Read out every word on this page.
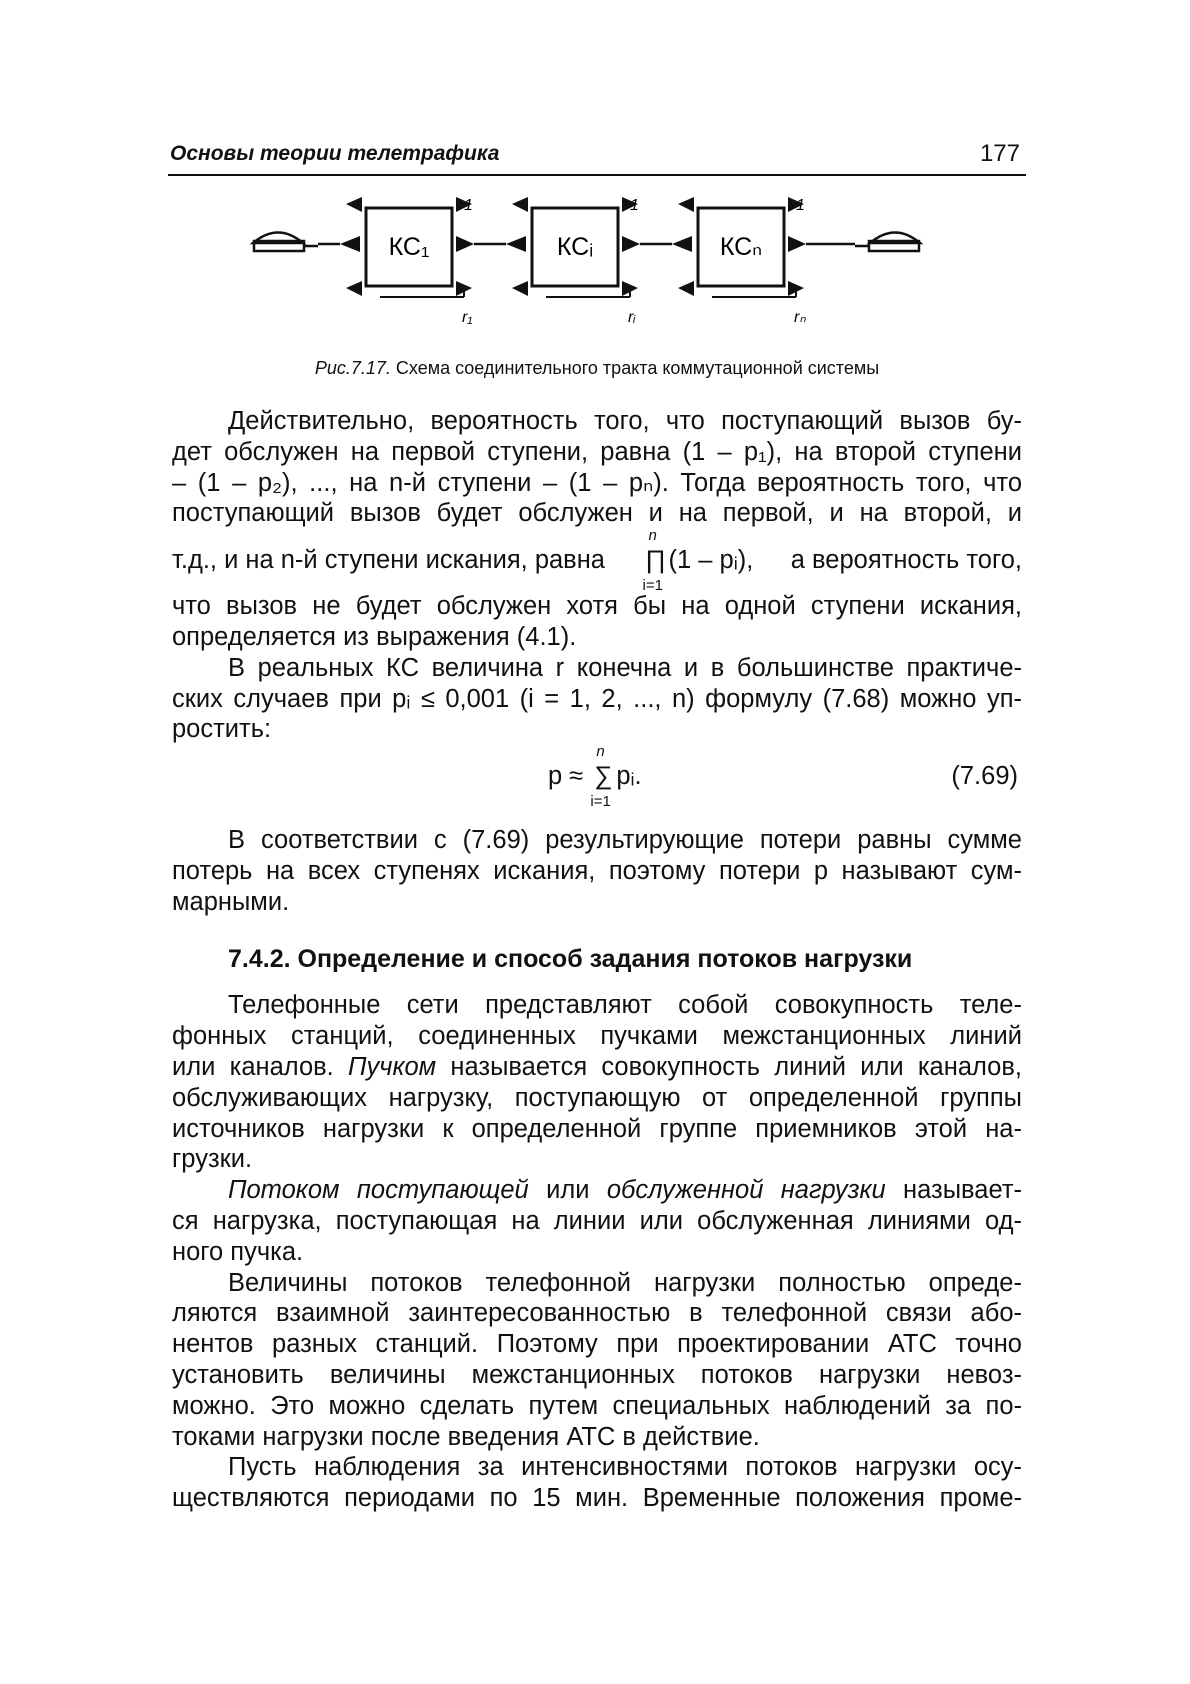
Основы теории телетрафика	177
КС₁	КСᵢ	КСₙ
1	1	1
r₁	rᵢ	rₙ
Рис.7.17. Схема соединительного тракта коммутационной системы

Действительно, вероятность того, что поступающий вызов бу-

дет обслужен на первой ступени, равна (1 – p₁), на второй ступени

– (1 – p₂), ..., на n-й ступени – (1 – pₙ). Тогда вероятность того, что

поступающий вызов будет обслужен и на первой, и на второй, и

т.д., и на n-й ступени искания, равна ∏
n
i=1
(1 – pᵢ), а вероятность того,

что вызов не будет обслужен хотя бы на одной ступени искания,

определяется из выражения (4.1).

В реальных КС величина r конечна и в большинстве практиче-

ских случаев при pᵢ ≤ 0,001 (i = 1, 2, ..., n) формулу (7.68) можно уп-

ростить:

p ≈ ∑
n
i=1
pᵢ.	(7.69)

В соответствии с (7.69) результирующие потери равны сумме

потерь на всех ступенях искания, поэтому потери p называют сум-

марными.

7.4.2. Определение и способ задания потоков нагрузки

Телефонные сети представляют собой совокупность теле-

фонных станций, соединенных пучками межстанционных линий

или каналов. Пучком называется совокупность линий или каналов,

обслуживающих нагрузку, поступающую от определенной группы

источников нагрузки к определенной группе приемников этой на-

грузки.

Потоком поступающей или обслуженной нагрузки называет-

ся нагрузка, поступающая на линии или обслуженная линиями од-

ного пучка.

Величины потоков телефонной нагрузки полностью опреде-

ляются взаимной заинтересованностью в телефонной связи або-

нентов разных станций. Поэтому при проектировании АТС точно

установить величины межстанционных потоков нагрузки невоз-

можно. Это можно сделать путем специальных наблюдений за по-

токами нагрузки после введения АТС в действие.

Пусть наблюдения за интенсивностями потоков нагрузки осу-

ществляются периодами по 15 мин. Временные положения проме-
